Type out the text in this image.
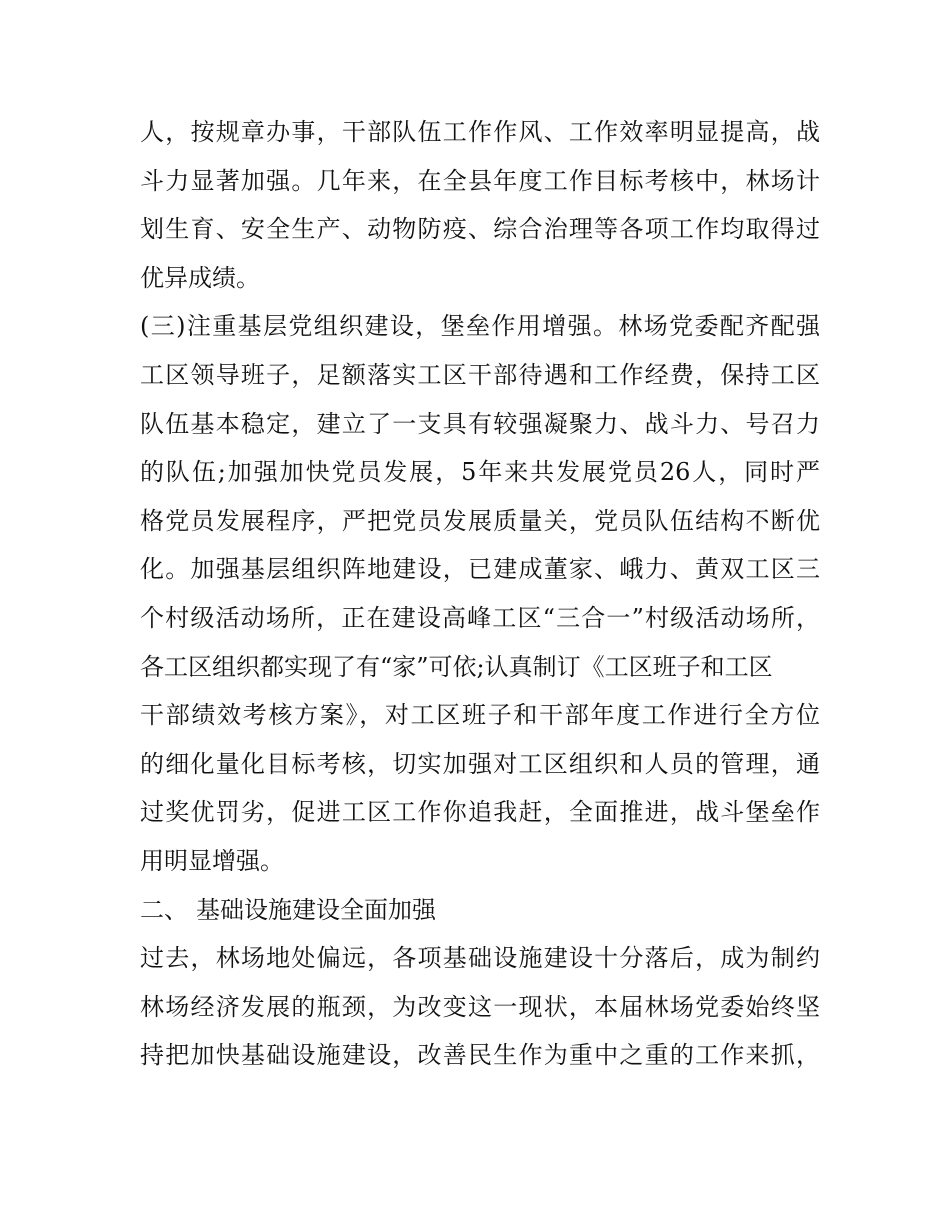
人，按规章办事，干部队伍工作作风、工作效率明显提高，战
斗力显著加强。几年来，在全县年度工作目标考核中，林场计
划生育、安全生产、动物防疫、综合治理等各项工作均取得过
优异成绩。
(三)注重基层党组织建设，堡垒作用增强。林场党委配齐配强
工区领导班子，足额落实工区干部待遇和工作经费，保持工区
队伍基本稳定，建立了一支具有较强凝聚力、战斗力、号召力
的队伍;加强加快党员发展，5年来共发展党员26人，同时严
格党员发展程序，严把党员发展质量关，党员队伍结构不断优
化。加强基层组织阵地建设，已建成董家、峨力、黄双工区三
个村级活动场所，正在建设高峰工区“三合一”村级活动场所，
各工区组织都实现了有“家”可依;认真制订《工区班子和工区
干部绩效考核方案》，对工区班子和干部年度工作进行全方位
的细化量化目标考核，切实加强对工区组织和人员的管理，通
过奖优罚劣，促进工区工作你追我赶，全面推进，战斗堡垒作
用明显增强。
二、 基础设施建设全面加强
过去，林场地处偏远，各项基础设施建设十分落后，成为制约
林场经济发展的瓶颈，为改变这一现状，本届林场党委始终坚
持把加快基础设施建设，改善民生作为重中之重的工作来抓，
